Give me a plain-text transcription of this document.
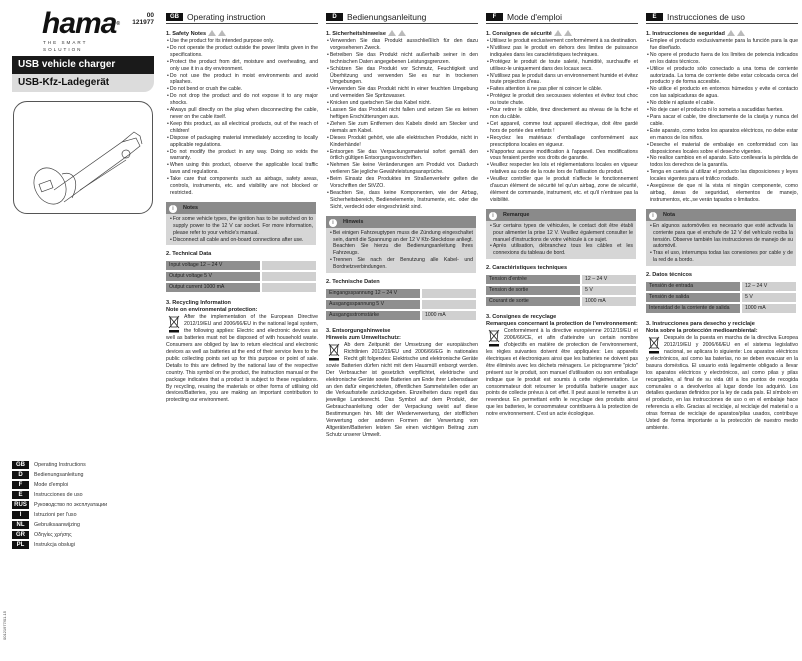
hama®
THE SMART SOLUTION
00
121977
USB vehicle charger
USB-Kfz-Ladegerät
GB	Operating Instructions
D	Bedienungsanleitung
F	Mode d'emploi
E	Instrucciones de uso
RUS	Руководство по эксплуатации
I	Istruzioni per l'uso
NL	Gebruiksaanwijzing
GR	Οδηγίες χρήσης
PL	Instrukcja obsługi
00121977/01.15
GB Operating instruction
1. Safety Notes
• Use the product for its intended purpose only.
• Do not operate the product outside the power limits given in the specifications.
• Protect the product from dirt, moisture and overheating, and only use it in a dry environment.
• Do not use the product in moist environments and avoid splashes.
• Do not bend or crush the cable.
• Do not drop the product and do not expose it to any major shocks.
• Always pull directly on the plug when disconnecting the cable, never on the cable itself.
• Keep this product, as all electrical products, out of the reach of children!
• Dispose of packaging material immediately according to locally applicable regulations.
• Do not modify the product in any way. Doing so voids the warranty.
• When using this product, observe the applicable local traffic laws and regulations.
• Take care that components such as airbags, safety areas, controls, instruments, etc. and visibility are not blocked or restricted.
i Notes
• For some vehicle types, the ignition has to be switched on to supply power to the 12 V car socket. For more information, please refer to your vehicle's manual.
• Disconnect all cable and on-board connections after use.
2. Technical Data
Input voltage 12 – 24 V	
Output voltage 5 V	
Output current 1000 mA	
3. Recycling Information
Note on environmental protection:
After the implementation of the European Directive 2012/19/EU and 2006/66/EU in the national legal system, the following applies: Electric and electronic devices as well as batteries must not be disposed of with household waste. Consumers are obliged by law to return electrical and electronic devices as well as batteries at the end of their service lives to the public collecting points set up for this purpose or point of sale. Details to this are defined by the national law of the respective country. This symbol on the product, the instruction manual or the package indicates that a product is subject to these regulations. By recycling, reusing the materials or other forms of utilising old devices/Batteries, you are making an important contribution to protecting our environment.
D Bedienungsanleitung
1. Sicherheitshinweise
• Verwenden Sie das Produkt ausschließlich für den dazu vorgesehenen Zweck.
• Betreiben Sie das Produkt nicht außerhalb seiner in den technischen Daten angegebenen Leistungsgrenzen.
• Schützen Sie das Produkt vor Schmutz, Feuchtigkeit und Überhitzung und verwenden Sie es nur in trockenen Umgebungen.
• Verwenden Sie das Produkt nicht in einer feuchten Umgebung und vermeiden Sie Spritzwasser.
• Knicken und quetschen Sie das Kabel nicht.
• Lassen Sie das Produkt nicht fallen und setzen Sie es keinen heftigen Erschütterungen aus.
• Ziehen Sie zum Entfernen des Kabels direkt am Stecker und niemals am Kabel.
• Dieses Produkt gehört, wie alle elektrischen Produkte, nicht in Kinderhände!
• Entsorgen Sie das Verpackungsmaterial sofort gemäß den örtlich gültigen Entsorgungsvorschriften.
• Nehmen Sie keine Veränderungen am Produkt vor. Dadurch verlieren Sie jegliche Gewährleistungsansprüche.
• Beim Einsatz des Produktes im Straßenverkehr gelten die Vorschriften der StVZO.
• Beachten Sie, dass keine Komponenten, wie der Airbag, Sicherheitsbereich, Bedienelemente, Instrumente, etc. oder die Sicht, verdeckt oder eingeschränkt sind.
i Hinweis
• Bei einigen Fahrzeugtypen muss die Zündung eingeschaltet sein, damit die Spannung an der 12 V Kfz-Steckdose anliegt. Beachten Sie hierzu die Bedienungsanleitung Ihres Fahrzeugs.
• Trennen Sie nach der Benutzung alle Kabel- und Bordnetzverbindungen.
2. Technische Daten
Eingangsspannung 12 – 24 V	
Ausgangsspannung 5 V	
Ausgangsstromstärke	1000 mA
3. Entsorgungshinweise
Hinweis zum Umweltschutz:
Ab dem Zeitpunkt der Umsetzung der europäischen Richtlinien 2012/19/EU und 2006/66/EG in nationales Recht gilt folgendes: Elektrische und elektronische Geräte sowie Batterien dürfen nicht mit dem Hausmüll entsorgt werden. Der Verbraucher ist gesetzlich verpflichtet, elektrische und elektronische Geräte sowie Batterien am Ende ihrer Lebensdauer an den dafür eingerichteten, öffentlichen Sammelstellen oder an die Verkaufsstelle zurückzugeben. Einzelheiten dazu regelt das jeweilige Landesrecht. Das Symbol auf dem Produkt, der Gebrauchsanleitung oder der Verpackung weist auf diese Bestimmungen hin. Mit der Wiederverwertung, der stofflichen Verwertung oder anderen Formen der Verwertung von Altgeräten/Batterien leisten Sie einen wichtigen Beitrag zum Schutz unserer Umwelt.
F Mode d'emploi
1. Consignes de sécurité
• Utilisez le produit exclusivement conformément à sa destination.
• N'utilisez pas le produit en dehors des limites de puissance indiquées dans les caractéristiques techniques.
• Protégez le produit de toute saleté, humidité, surchauffe et utilisez-le uniquement dans des locaux secs.
• N'utilisez pas le produit dans un environnement humide et évitez toute projection d'eau.
• Faites attention à ne pas plier ni coincer le câble.
• Protégez le produit des secousses violentes et évitez tout choc ou toute chute.
• Pour retirer le câble, tirez directement au niveau de la fiche et non du câble.
• Cet appareil, comme tout appareil électrique, doit être gardé hors de portée des enfants !
• Recyclez les matériaux d'emballage conformément aux prescriptions locales en vigueur.
• N'apportez aucune modification à l'appareil. Des modifications vous feraient perdre vos droits de garantie.
• Veuillez respecter les lois et réglementations locales en vigueur relatives au code de la route lors de l'utilisation du produit.
• Veuillez contrôler que le produit n'affecte le fonctionnement d'aucun élément de sécurité tel qu'un airbag, zone de sécurité, élément de commande, instrument, etc. et qu'il n'entrave pas la visibilité.
i Remarque
• Sur certains types de véhicules, le contact doit être établi pour alimenter la prise 12 V. Veuillez également consulter le manuel d'instructions de votre véhicule à ce sujet.
• Après utilisation, débranchez tous les câbles et les connexions du tableau de bord.
2. Caractéristiques techniques
Tension d'entrée	12 – 24 V
Tension de sortie	5 V
Courant de sortie	1000 mA
3. Consignes de recyclage
Remarques concernant la protection de l'environnement:
Conformément à la directive européenne 2012/19/EU et 2006/66/CE, et afin d'atteindre un certain nombre d'objectifs en matière de protection de l'environnement, les règles suivantes doivent être appliquées: Les appareils électriques et électroniques ainsi que les batteries ne doivent pas être éliminés avec les déchets ménagers. Le pictogramme "picto" présent sur le produit, son manuel d'utilisation ou son emballage indique que le produit est soumis à cette réglementation. Le consommateur doit retourner le produit/la batterie usager aux points de collecte prévus à cet effet. Il peut aussi le remettre à un revendeur. En permettant enfin le recyclage des produits ainsi que les batteries, le consommateur contribuera à la protection de notre environnement. C'est un acte écologique.
E Instrucciones de uso
1. Instrucciones de seguridad
• Emplee el producto exclusivamente para la función para la que fue diseñado.
• No opere el producto fuera de los límites de potencia indicados en los datos técnicos.
• Utilice el producto sólo conectado a una toma de corriente autorizada. La toma de corriente debe estar colocada cerca del producto y de forma accesible.
• No utilice el producto en entornos húmedos y evite el contacto con las salpicaduras de agua.
• No doble ni aplaste el cable.
• No deje caer el producto ni lo someta a sacudidas fuertes.
• Para sacar el cable, tire directamente de la clavija y nunca del cable.
• Este aparato, como todos los aparatos eléctricos, no debe estar en manos de los niños.
• Deseche el material de embalaje en conformidad con las disposiciones locales sobre el desecho vigentes.
• No realice cambios en el aparato. Esto conllevaría la pérdida de todos los derechos de la garantía.
• Tenga en cuenta al utilizar el producto las disposiciones y leyes locales vigentes para el tráfico rodado.
• Asegúrese de que ni la vista ni ningún componente, como airbag, áreas de seguridad, elementos de manejo, instrumentos, etc.,se verán tapados o limitados.
i Nota
• En algunos automóviles es necesario que esté activada la corriente para que el enchufe de 12 V del vehículo reciba la tensión. Observe también las instrucciones de manejo de su automóvil.
• Tras el uso, interrumpa todas las conexiones por cable y de la red de a bordo.
2. Datos técnicos
Tensión de entrada	12 – 24 V
Tensión de salida	5 V
Intensidad de la corriente de salida	1000 mA
3. Instrucciones para desecho y reciclaje
Nota sobre la protección medioambiental:
Después de la puesta en marcha de la directiva Europea 2012/19/EU y 2006/66/EU en el sistema legislativo nacional, se aplicara lo siguiente: Los aparatos eléctricos y electrónicos, así como las baterías, no se deben evacuar en la basura doméstica. El usuario está legalmente obligado a llevar los aparatos eléctricos y electrónicos, así como pilas y pilas recargables, al final de su vida útil a los puntos de recogida comunales o a devolverlos al lugar donde los adquirió. Los detalles quedaran definidos por la ley de cada país. El símbolo en el producto, en las instrucciones de uso o en el embalaje hace referencia a ello. Gracias al reciclaje, al reciclaje del material o a otras formas de reciclaje de aparatos/pilas usados, contribuye Usted de forma importante a la protección de nuestro medio ambiente.
